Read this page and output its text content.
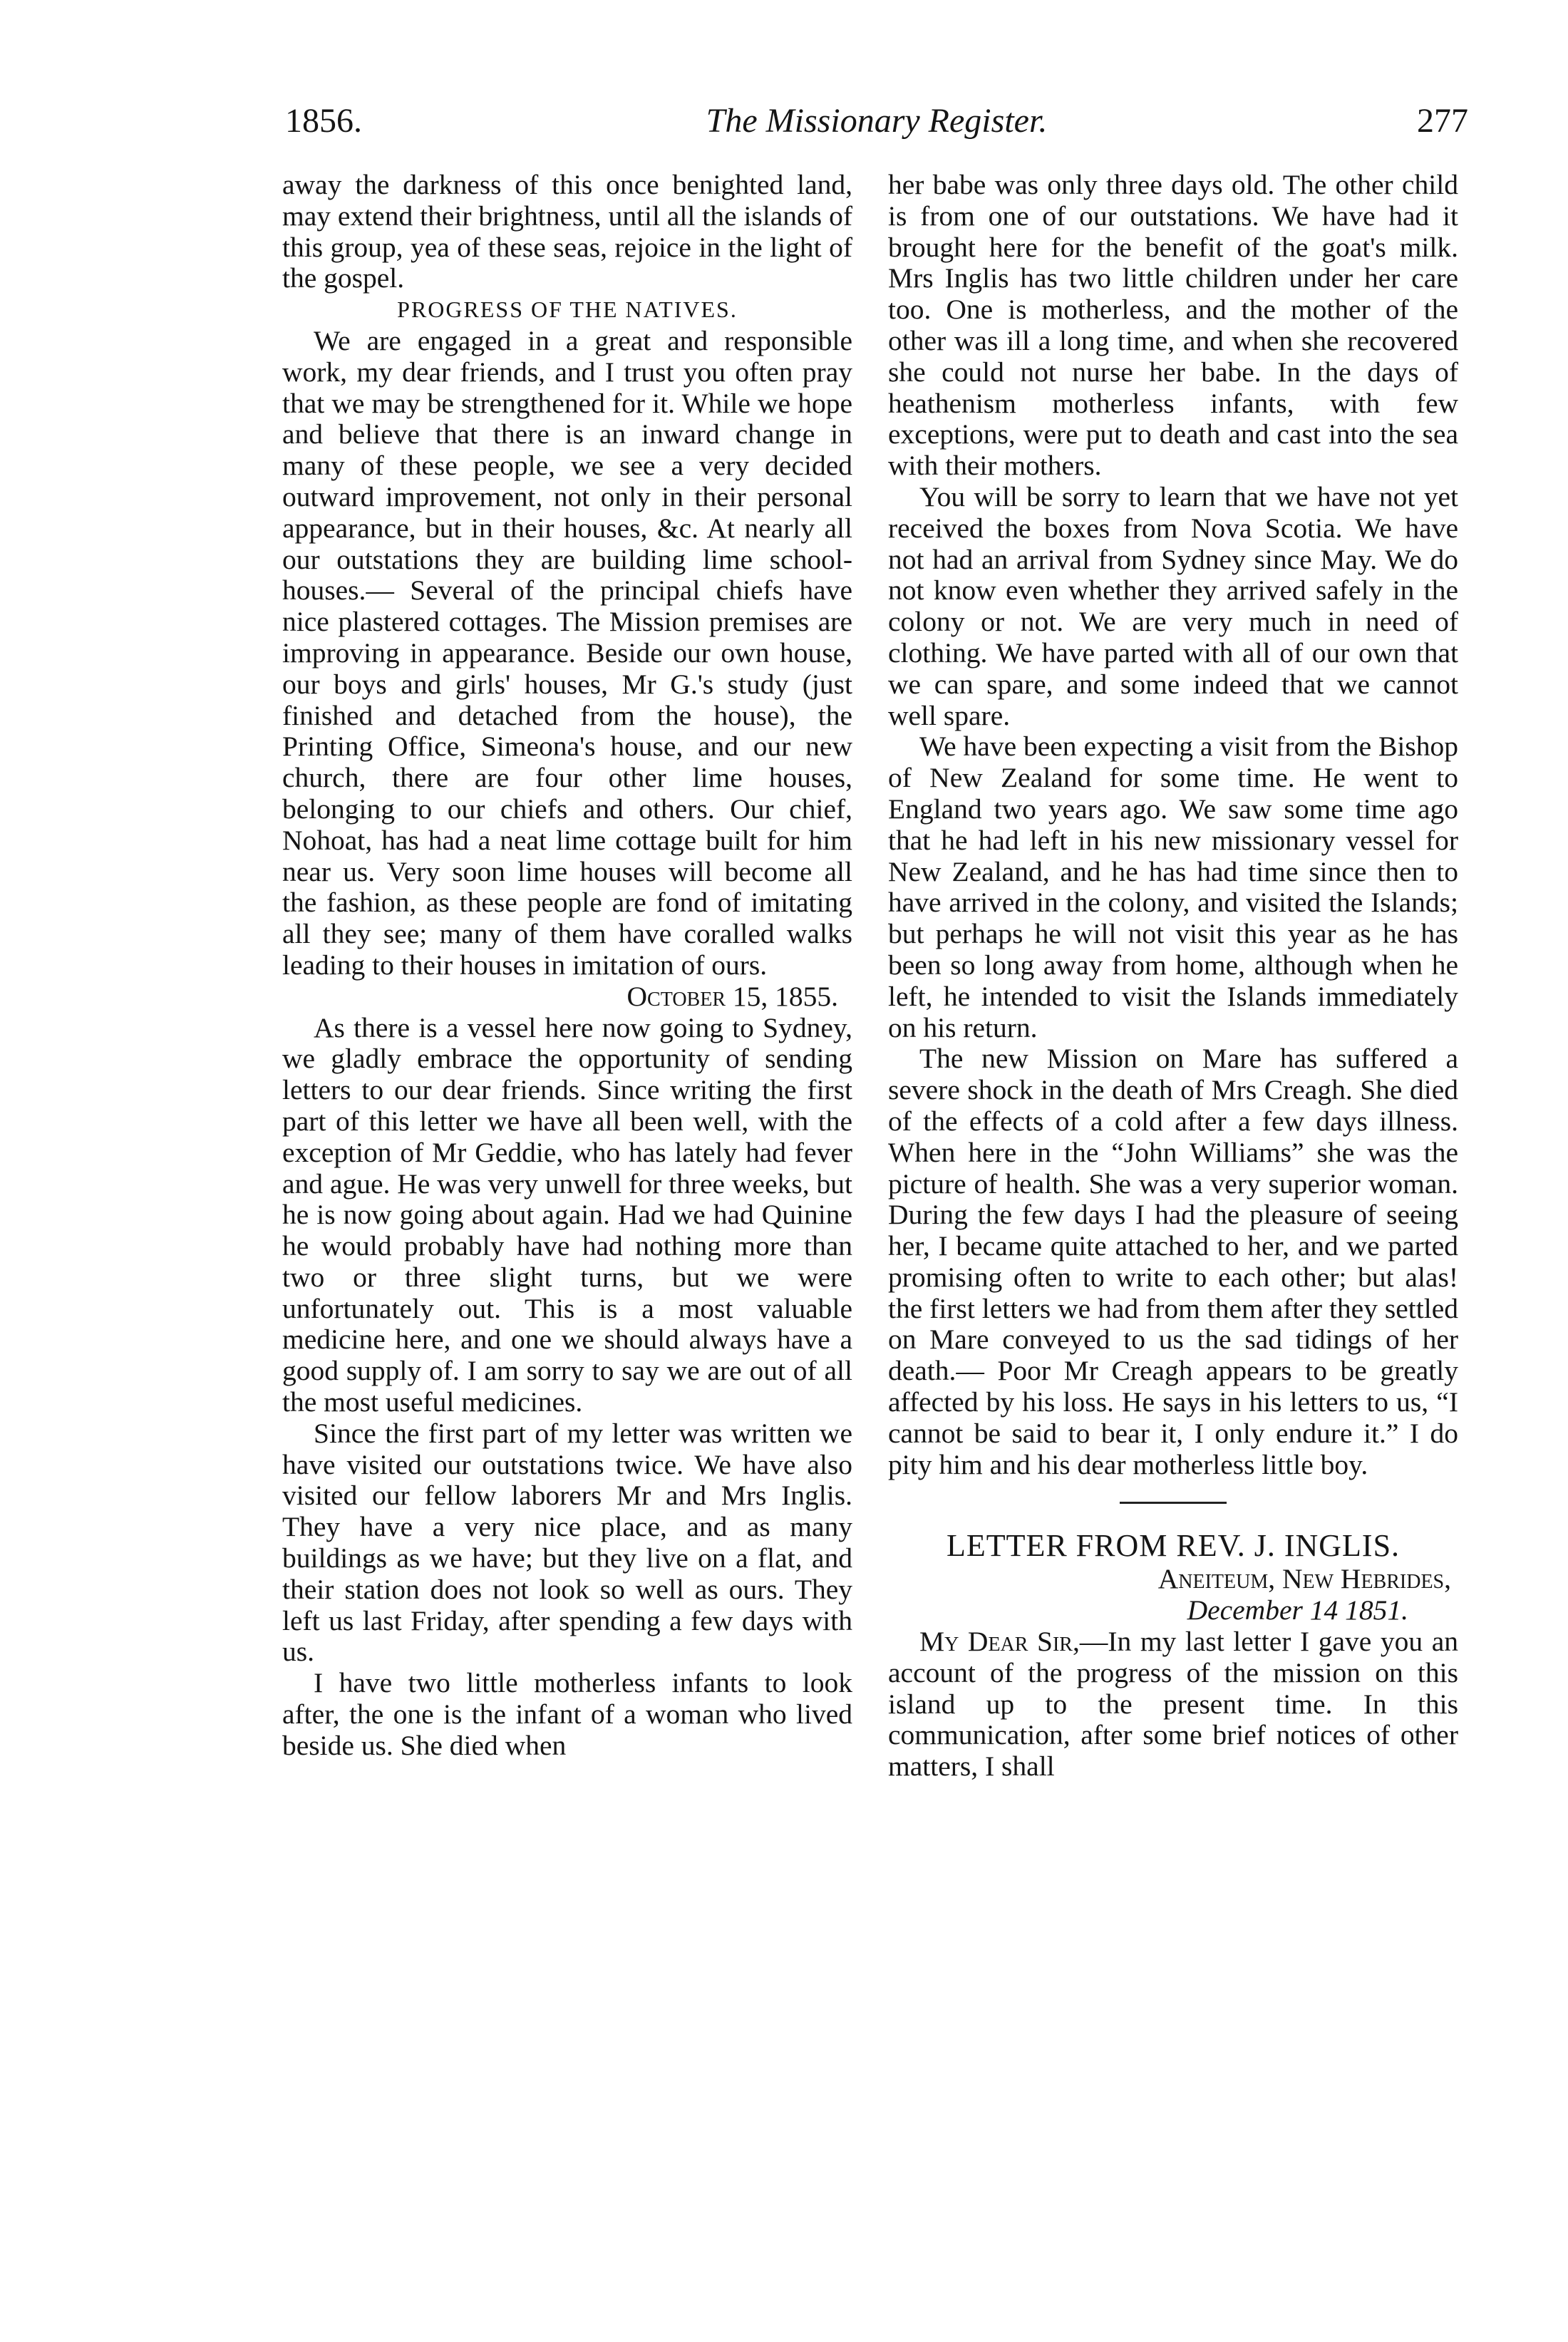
1856.	The Missionary Register.	277

away the darkness of this once benighted land, may extend their brightness, until all the islands of this group, yea of these seas, rejoice in the light of the gospel.

PROGRESS OF THE NATIVES.

We are engaged in a great and responsible work, my dear friends, and I trust you often pray that we may be strengthened for it. While we hope and believe that there is an inward change in many of these people, we see a very decided outward improvement, not only in their personal appearance, but in their houses, &c. At nearly all our outstations they are building lime school-houses.— Several of the principal chiefs have nice plastered cottages. The Mission premises are improving in appearance. Beside our own house, our boys and girls' houses, Mr G.'s study (just finished and detached from the house), the Printing Office, Simeona's house, and our new church, there are four other lime houses, belonging to our chiefs and others. Our chief, Nohoat, has had a neat lime cottage built for him near us. Very soon lime houses will become all the fashion, as these people are fond of imitating all they see; many of them have coralled walks leading to their houses in imitation of ours.

October 15, 1855.

As there is a vessel here now going to Sydney, we gladly embrace the opportunity of sending letters to our dear friends. Since writing the first part of this letter we have all been well, with the exception of Mr Geddie, who has lately had fever and ague. He was very unwell for three weeks, but he is now going about again. Had we had Quinine he would probably have had nothing more than two or three slight turns, but we were unfortunately out. This is a most valuable medicine here, and one we should always have a good supply of. I am sorry to say we are out of all the most useful medicines.

Since the first part of my letter was written we have visited our outstations twice. We have also visited our fellow laborers Mr and Mrs Inglis. They have a very nice place, and as many buildings as we have; but they live on a flat, and their station does not look so well as ours. They left us last Friday, after spending a few days with us.

I have two little motherless infants to look after, the one is the infant of a woman who lived beside us. She died when

her babe was only three days old. The other child is from one of our outstations. We have had it brought here for the benefit of the goat's milk. Mrs Inglis has two little children under her care too. One is motherless, and the mother of the other was ill a long time, and when she recovered she could not nurse her babe. In the days of heathenism motherless infants, with few exceptions, were put to death and cast into the sea with their mothers.

You will be sorry to learn that we have not yet received the boxes from Nova Scotia. We have not had an arrival from Sydney since May. We do not know even whether they arrived safely in the colony or not. We are very much in need of clothing. We have parted with all of our own that we can spare, and some indeed that we cannot well spare.

We have been expecting a visit from the Bishop of New Zealand for some time. He went to England two years ago. We saw some time ago that he had left in his new missionary vessel for New Zealand, and he has had time since then to have arrived in the colony, and visited the Islands; but perhaps he will not visit this year as he has been so long away from home, although when he left, he intended to visit the Islands immediately on his return.

The new Mission on Mare has suffered a severe shock in the death of Mrs Creagh. She died of the effects of a cold after a few days illness. When here in the “John Williams” she was the picture of health. She was a very superior woman. During the few days I had the pleasure of seeing her, I became quite attached to her, and we parted promising often to write to each other; but alas! the first letters we had from them after they settled on Mare conveyed to us the sad tidings of her death.— Poor Mr Creagh appears to be greatly affected by his loss. He says in his letters to us, “I cannot be said to bear it, I only endure it.” I do pity him and his dear motherless little boy.

LETTER FROM REV. J. INGLIS.

Aneiteum, New Hebrides,

December 14 1851.

My Dear Sir,—In my last letter I gave you an account of the progress of the mission on this island up to the present time. In this communication, after some brief notices of other matters, I shall
